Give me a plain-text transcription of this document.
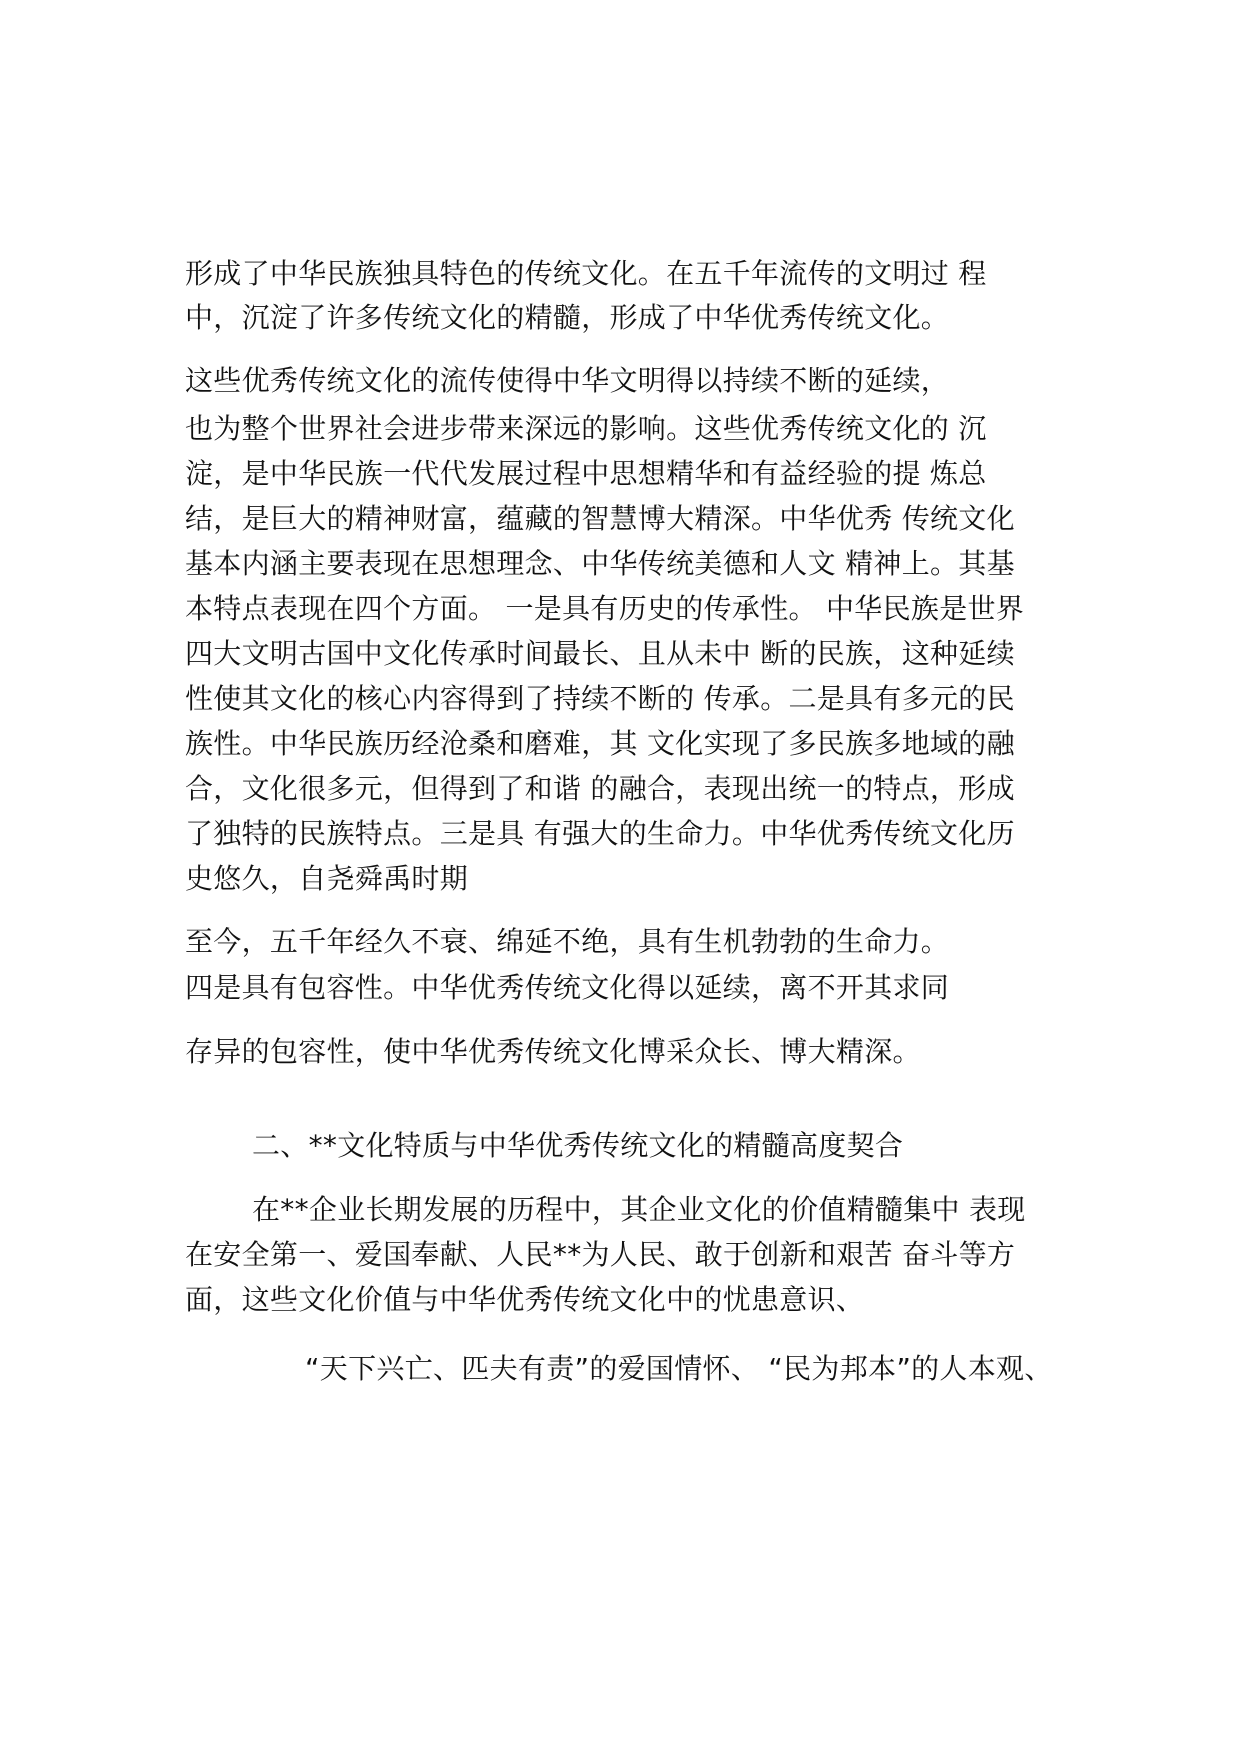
形成了中华民族独具特色的传统文化。在五千年流传的文明过 程

中，沉淀了许多传统文化的精髓，形成了中华优秀传统文化。

这些优秀传统文化的流传使得中华文明得以持续不断的延续，

也为整个世界社会进步带来深远的影响。这些优秀传统文化的 沉

淀，是中华民族一代代发展过程中思想精华和有益经验的提 炼总

结，是巨大的精神财富，蕴藏的智慧博大精深。中华优秀 传统文化

基本内涵主要表现在思想理念、中华传统美德和人文 精神上。其基

本特点表现在四个方面。 一是具有历史的传承性。 中华民族是世界

四大文明古国中文化传承时间最长、且从未中 断的民族，这种延续

性使其文化的核心内容得到了持续不断的 传承。二是具有多元的民

族性。中华民族历经沧桑和磨难，其 文化实现了多民族多地域的融

合，文化很多元，但得到了和谐 的融合，表现出统一的特点，形成

了独特的民族特点。三是具 有强大的生命力。中华优秀传统文化历

史悠久，自尧舜禹时期

至今，五千年经久不衰、绵延不绝，具有生机勃勃的生命力。

四是具有包容性。中华优秀传统文化得以延续，离不开其求同

存异的包容性，使中华优秀传统文化博采众长、博大精深。

二、**文化特质与中华优秀传统文化的精髓高度契合

在**企业长期发展的历程中，其企业文化的价值精髓集中 表现

在安全第一、爱国奉献、人民**为人民、敢于创新和艰苦 奋斗等方

面，这些文化价值与中华优秀传统文化中的忧患意识、

“天下兴亡、匹夫有责”的爱国情怀、 “民为邦本”的人本观、
